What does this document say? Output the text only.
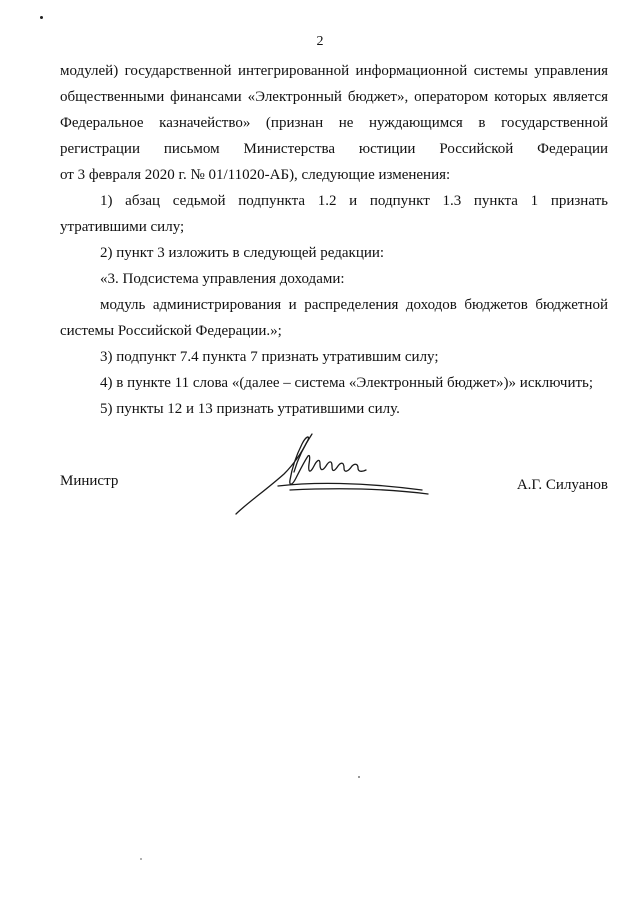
2

модулей) государственной интегрированной информационной системы управления
общественными финансами «Электронный бюджет», оператором которых является
Федеральное казначейство» (признан не нуждающимся в государственной
регистрации письмом Министерства юстиции Российской Федерации
от 3 февраля 2020 г. № 01/11020-АБ), следующие изменения:

1) абзац седьмой подпункта 1.2 и подпункт 1.3 пункта 1 признать утратившими силу;

2) пункт 3 изложить в следующей редакции:

«3. Подсистема управления доходами:

модуль администрирования и распределения доходов бюджетов бюджетной системы Российской Федерации.»;

3) подпункт 7.4 пункта 7 признать утратившим силу;

4) в пункте 11 слова «(далее – система «Электронный бюджет»)» исключить;

5) пункты 12 и 13 признать утратившими силу.

Министр	А.Г. Силуанов
